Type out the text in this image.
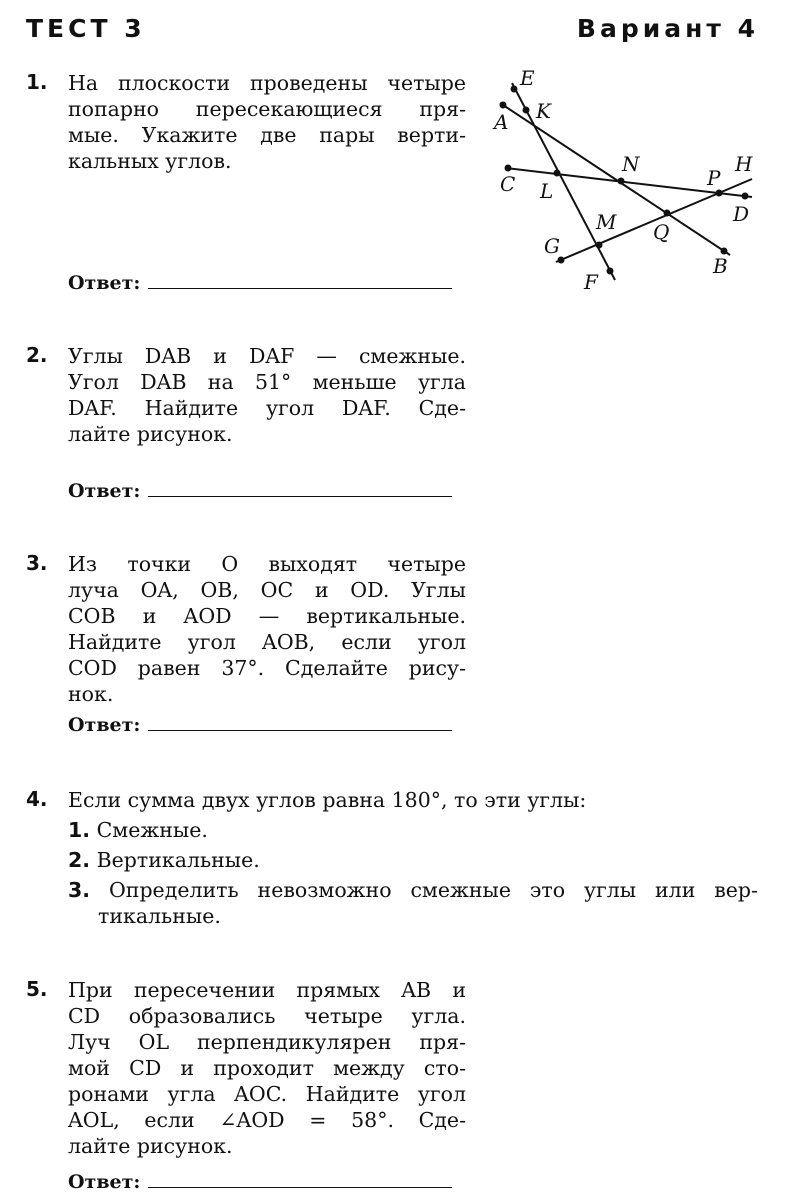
ТЕСТ 3	Вариант 4
1. На плоскости проведены четыре
попарно пересекающиеся пря-
мые. Укажите две пары верти-
кальных углов.
Ответ:
E
K
A
N
P
H
C L
D
M Q
G
B
F
2. Углы DAB и DAF — смежные.
Угол DAB на 51° меньше угла
DAF. Найдите угол DAF. Сде-
лайте рисунок.
Ответ:
3. Из точки O выходят четыре
луча OA, OB, OC и OD. Углы
COB и AOD — вертикальные.
Найдите угол AOB, если угол
COD равен 37°. Сделайте рису-
нок.
Ответ:
4. Если сумма двух углов равна 180°, то эти углы:
1. Смежные.
2. Вертикальные.
3. Определить невозможно смежные это углы или вер-
тикальные.
5. При пересечении прямых AB и
CD образовались четыре угла.
Луч OL перпендикулярен пря-
мой CD и проходит между сто-
ронами угла AOC. Найдите угол
AOL, если ∠AOD = 58°. Сде-
лайте рисунок.
Ответ:
